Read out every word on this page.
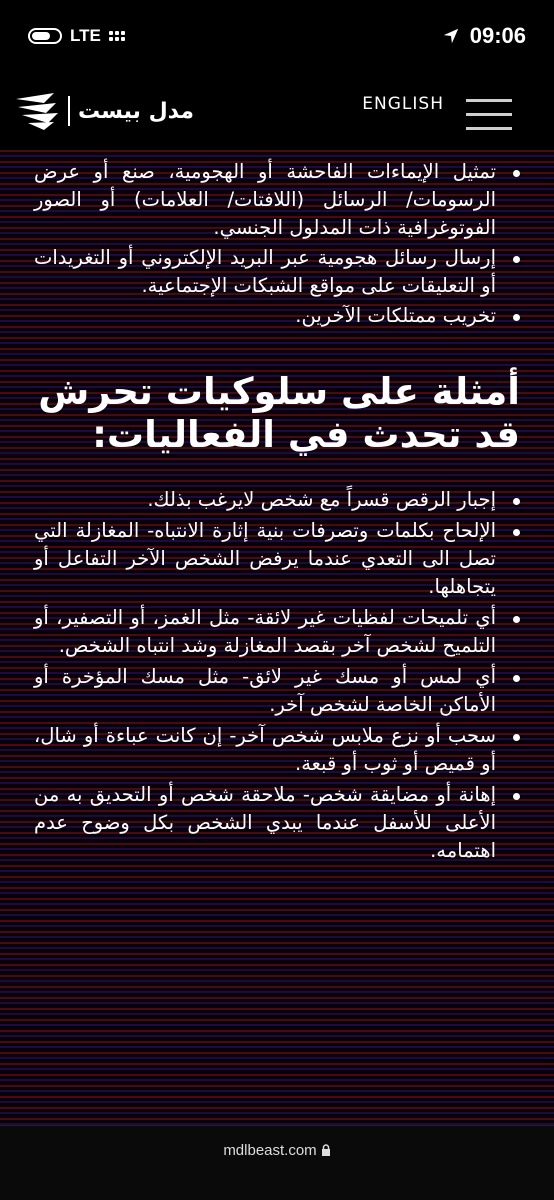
LTE	09:06
مدل بيست	ENGLISH
تمثيل الإيماءات الفاحشة أو الهجومية، صنع أو عرض الرسومات/ الرسائل (اللافتات/ العلامات) أو الصور الفوتوغرافية ذات المدلول الجنسي.
إرسال رسائل هجومية عبر البريد الإلكتروني أو التغريدات أو التعليقات على مواقع الشبكات الإجتماعية.
تخريب ممتلكات الآخرين.
أمثلة على سلوكيات تحرش قد تحدث في الفعاليات:
إجبار الرقص قسراً مع شخص لايرغب بذلك.
الإلحاح بكلمات وتصرفات بنية إثارة الانتباه- المغازلة التي تصل الى التعدي عندما يرفض الشخص الآخر التفاعل أو يتجاهلها.
أي تلميحات لفظيات غير لائقة- مثل الغمز، أو التصفير، أو التلميح لشخص آخر بقصد المغازلة وشد انتباه الشخص.
أي لمس أو مسك غير لائق- مثل مسك المؤخرة أو الأماكن الخاصة لشخص آخر.
سحب أو نزع ملابس شخص آخر- إن كانت عباءة أو شال، أو قميص أو ثوب أو قبعة.
إهانة أو مضايقة شخص- ملاحقة شخص أو التحديق به من الأعلى للأسفل عندما يبدي الشخص بكل وضوح عدم اهتمامه.
mdlbeast.com
